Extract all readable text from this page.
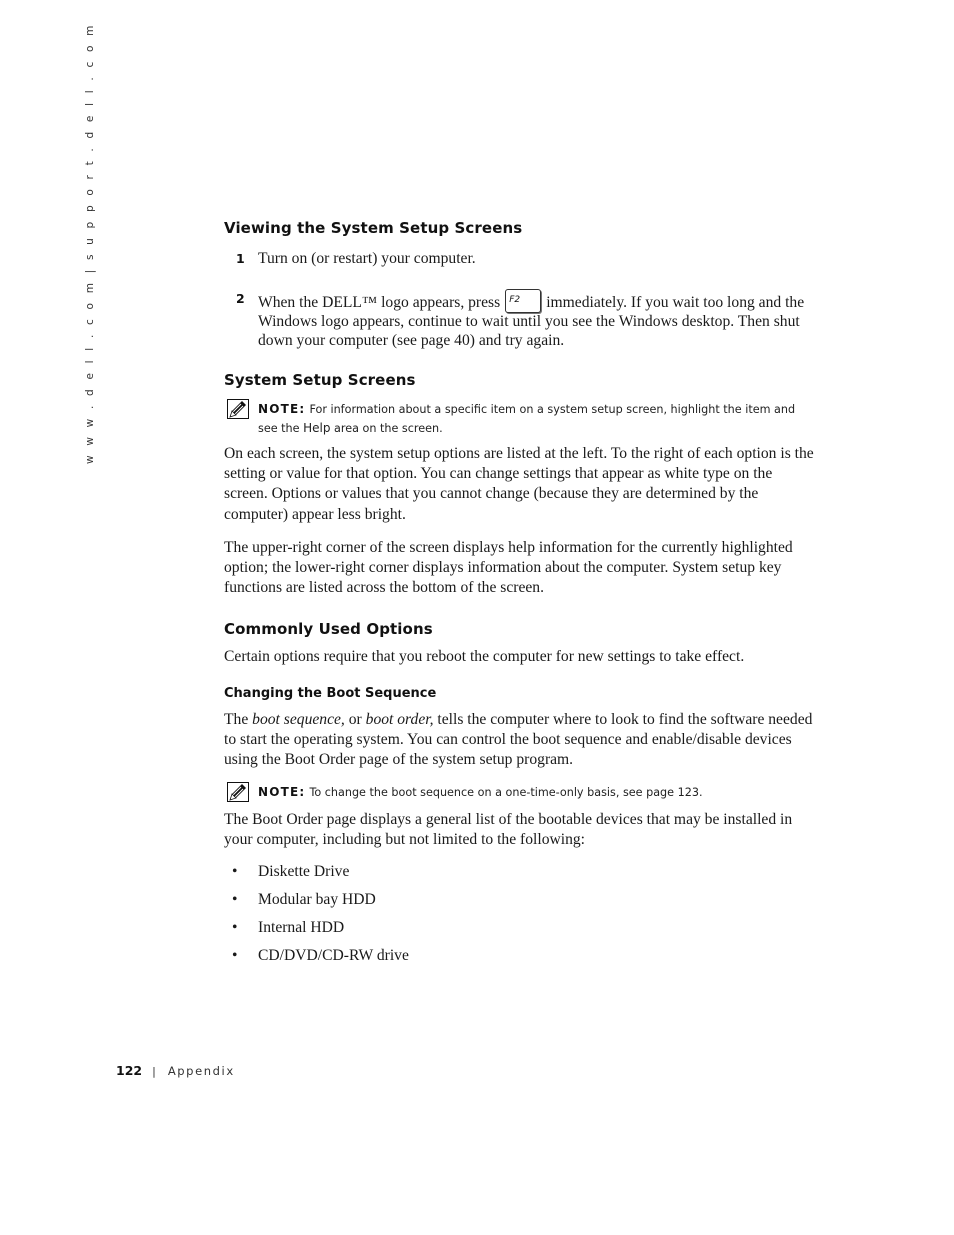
w w w . d e l l . c o m | s u p p o r t . d e l l . c o m	Viewing the System Setup Screens
1 Turn on (or restart) your computer.
2 When the DELL™ logo appears, press F2 immediately. If you wait too long and the Windows logo appears, continue to wait until you see the Windows desktop. Then shut down your computer (see page 40) and try again.
System Setup Screens
NOTE: For information about a specific item on a system setup screen, highlight the item and see the Help area on the screen.

On each screen, the system setup options are listed at the left. To the right of each option is the setting or value for that option. You can change settings that appear as white type on the screen. Options or values that you cannot change (because they are determined by the computer) appear less bright.

The upper-right corner of the screen displays help information for the currently highlighted option; the lower-right corner displays information about the computer. System setup key functions are listed across the bottom of the screen.

Commonly Used Options

Certain options require that you reboot the computer for new settings to take effect.

Changing the Boot Sequence

The boot sequence, or boot order, tells the computer where to look to find the software needed to start the operating system. You can control the boot sequence and enable/disable devices using the Boot Order page of the system setup program.

NOTE: To change the boot sequence on a one-time-only basis, see page 123.

The Boot Order page displays a general list of the bootable devices that may be installed in your computer, including but not limited to the following:

• Diskette Drive
• Modular bay HDD
• Internal HDD
• CD/DVD/CD-RW drive
122 | Appendix
